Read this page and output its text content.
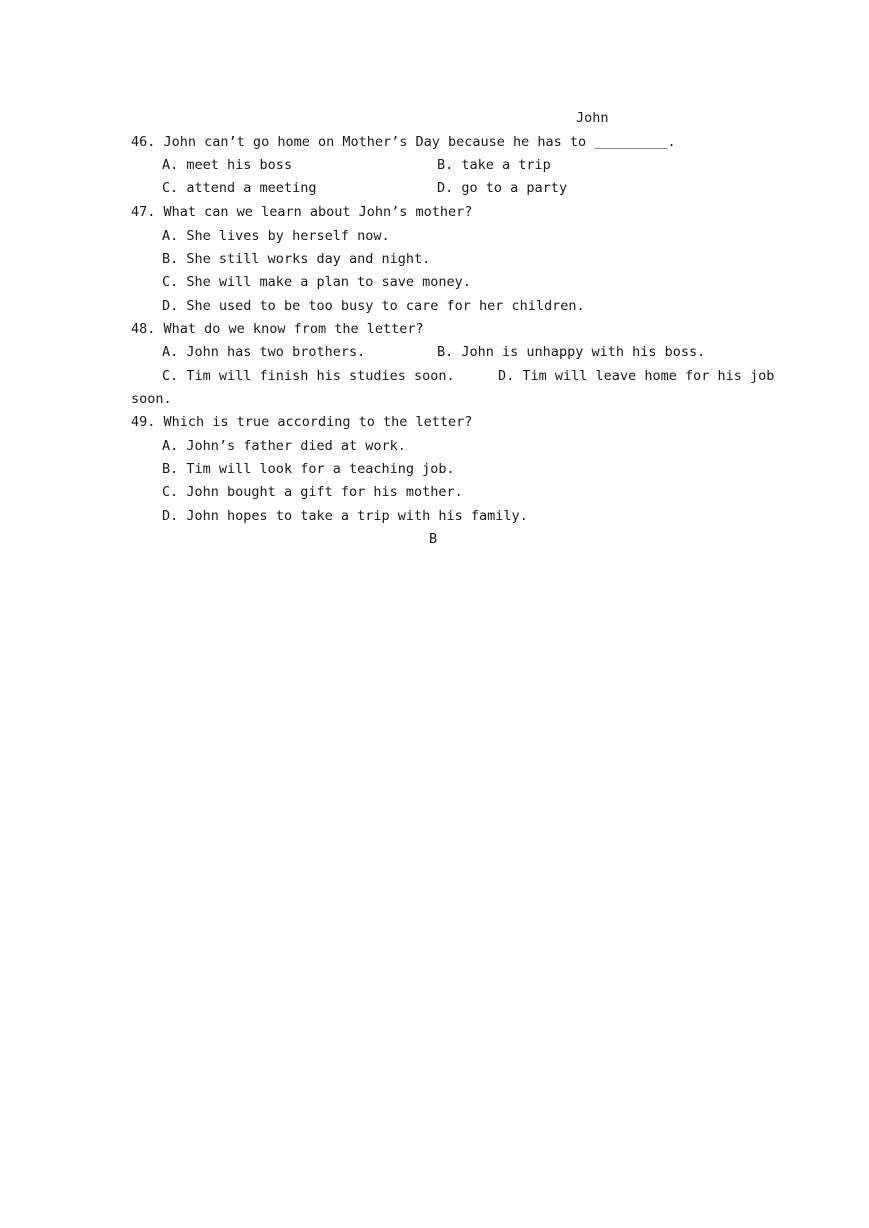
John
46. John can’t go home on Mother’s Day because he has to _________.
A. meet his boss	B. take a trip
C. attend a meeting	D. go to a party
47. What can we learn about John’s mother?
A. She lives by herself now.
B. She still works day and night.
C. She will make a plan to save money.
D. She used to be too busy to care for her children.
48. What do we know from the letter?
A. John has two brothers.	B. John is unhappy with his boss.
C. Tim will finish his studies soon.	D. Tim will leave home for his job
soon.
49. Which is true according to the letter?
A. John’s father died at work.
B. Tim will look for a teaching job.
C. John bought a gift for his mother.
D. John hopes to take a trip with his family.
B
